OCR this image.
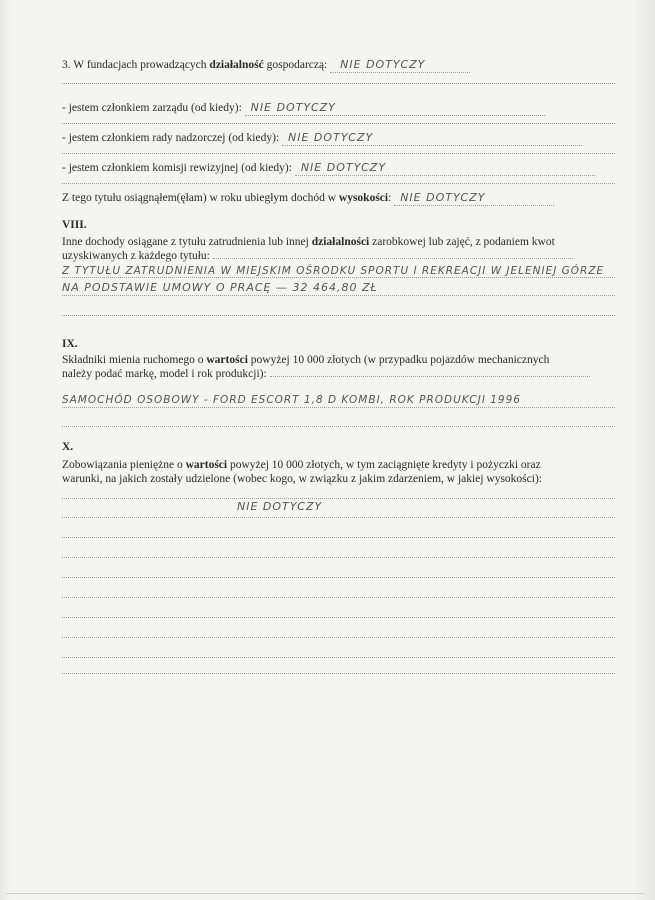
3. W fundacjach prowadzących działalność gospodarczą: NIE DOTYCZY
- jestem członkiem zarządu (od kiedy): NIE DOTYCZY
- jestem członkiem rady nadzorczej (od kiedy): NIE DOTYCZY
- jestem członkiem komisji rewizyjnej (od kiedy): NIE DOTYCZY
Z tego tytułu osiągnąłem(ęłam) w roku ubiegłym dochód w wysokości: NIE DOTYCZY
VIII.
Inne dochody osiągane z tytułu zatrudnienia lub innej działalności zarobkowej lub zajęć, z podaniem kwot
uzyskiwanych z każdego tytułu:
Z TYTUŁU ZATRUDNIENIA W MIEJSKIM OŚRODKU SPORTU I REKREACJI W JELENIEJ GÓRZE
NA PODSTAWIE UMOWY O PRACĘ — 32 464,80 ZŁ
IX.
Składniki mienia ruchomego o wartości powyżej 10 000 złotych (w przypadku pojazdów mechanicznych
należy podać markę, model i rok produkcji):
SAMOCHÓD OSOBOWY - FORD ESCORT 1,8 D KOMBI, ROK PRODUKCJI 1996
X.
Zobowiązania pieniężne o wartości powyżej 10 000 złotych, w tym zaciągnięte kredyty i pożyczki oraz
warunki, na jakich zostały udzielone (wobec kogo, w związku z jakim zdarzeniem, w jakiej wysokości):
NIE DOTYCZY
